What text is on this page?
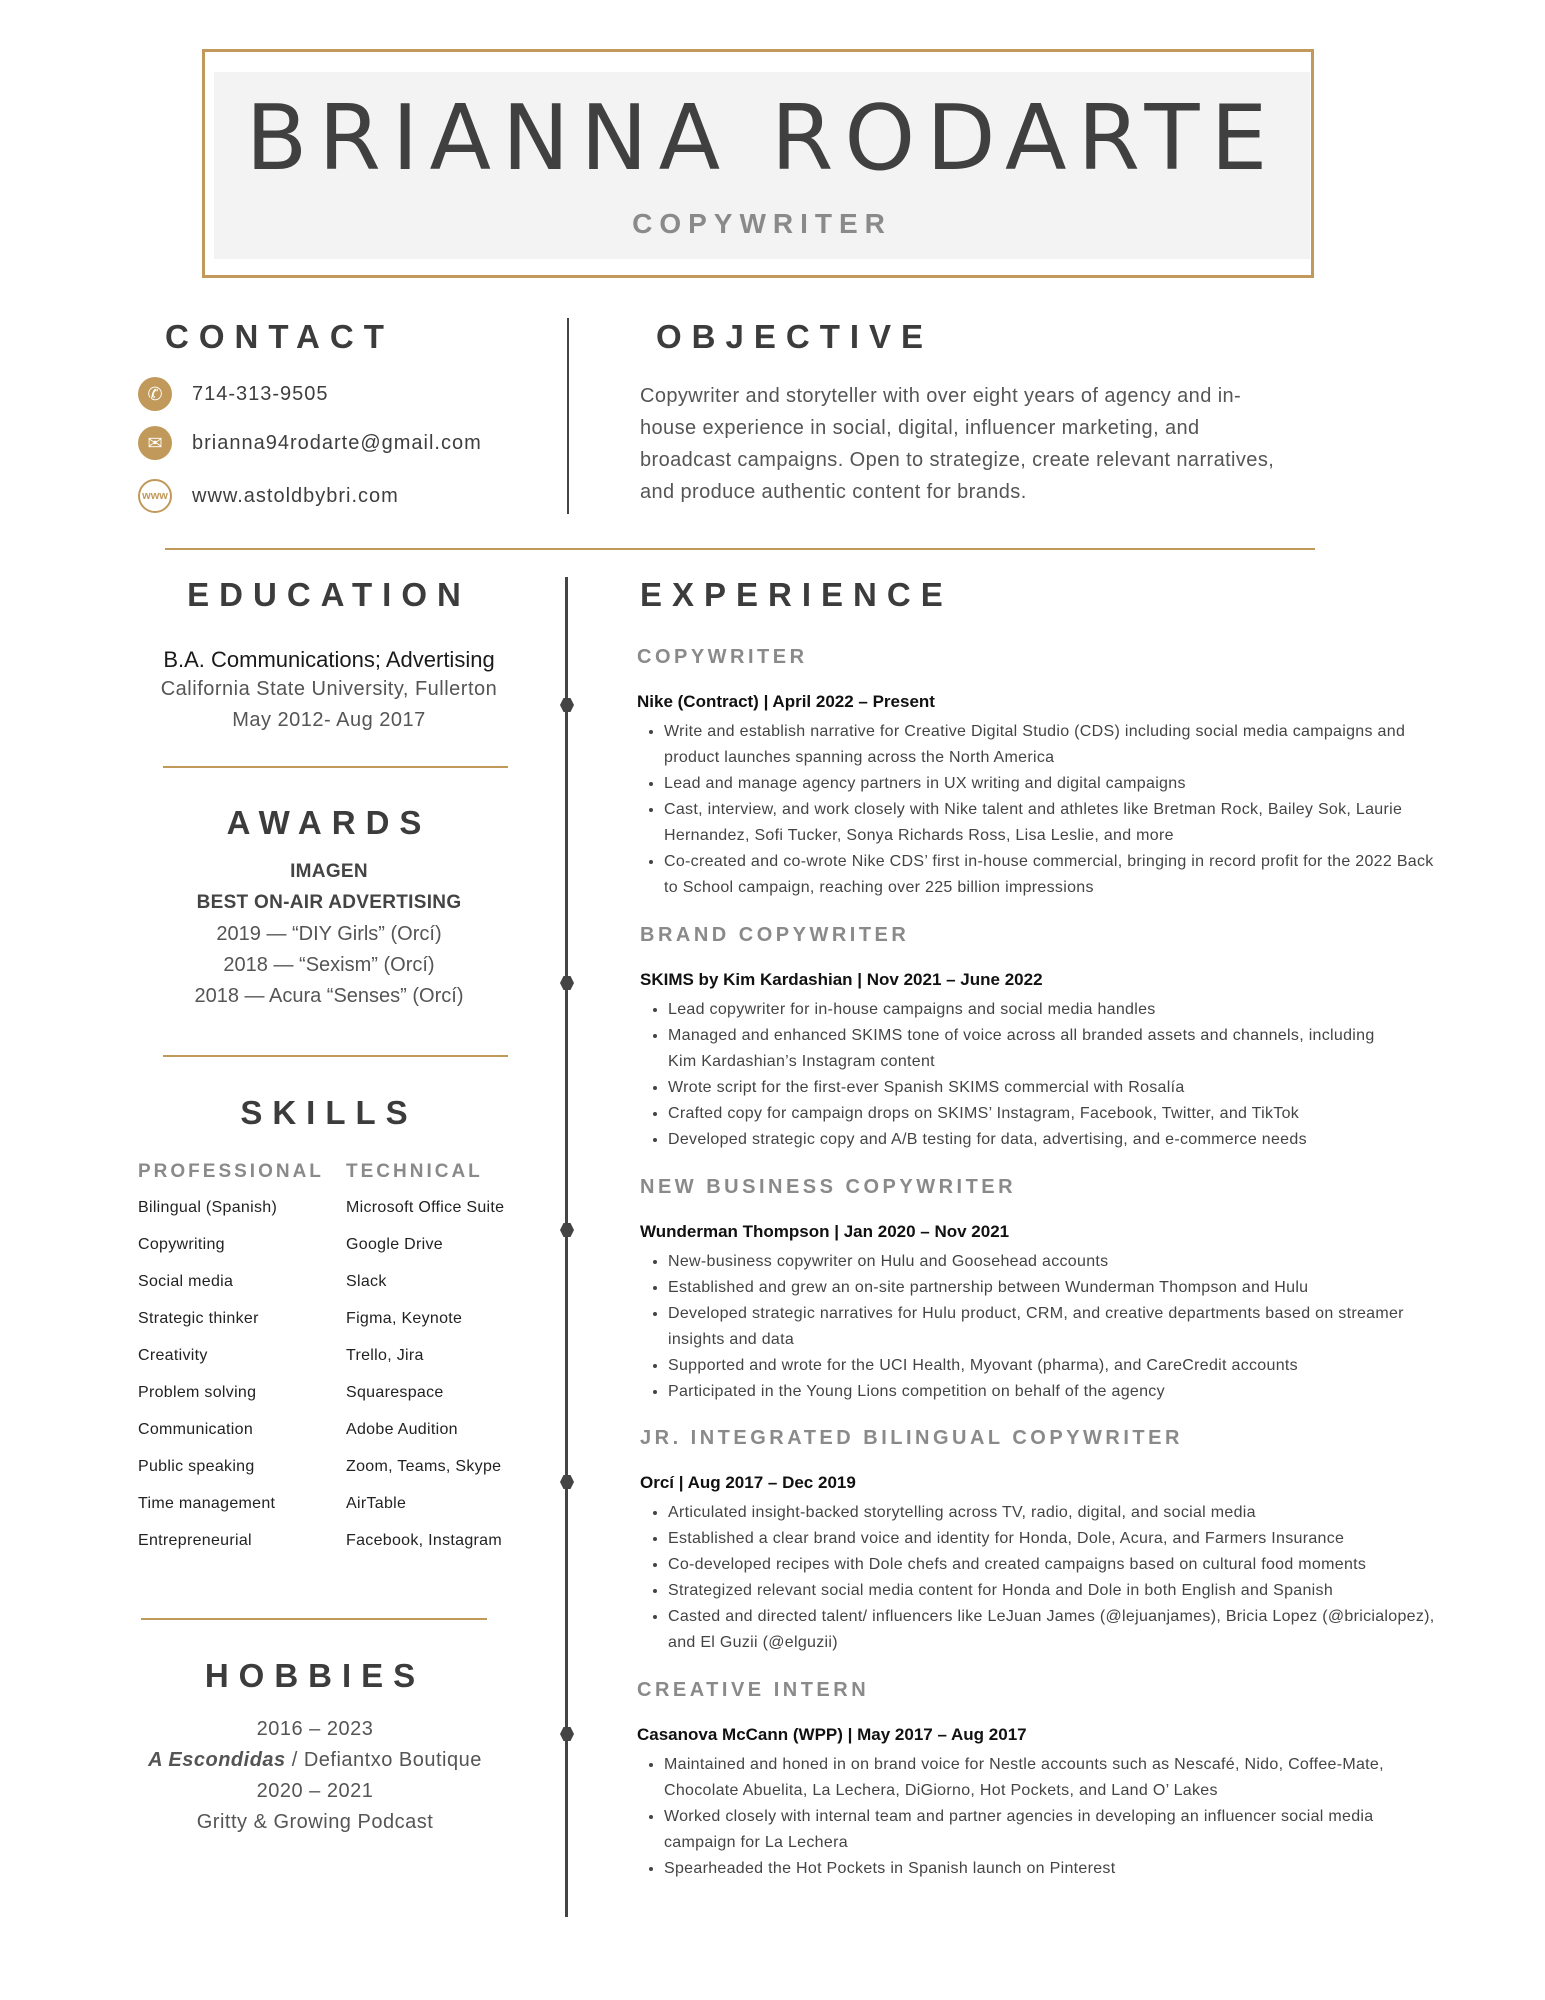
BRIANNA RODARTE
COPYWRITER
CONTACT
✆	714-313-9505
✉	brianna94rodarte@gmail.com
www www.astoldbybri.com
OBJECTIVE
Copywriter and storyteller with over eight years of agency and in-
house experience in social, digital, influencer marketing, and
broadcast campaigns. Open to strategize, create relevant narratives,
and produce authentic content for brands.
EDUCATION
B.A. Communications; Advertising
California State University, Fullerton
May 2012- Aug 2017
AWARDS
IMAGEN
BEST ON-AIR ADVERTISING
2019 — “DIY Girls” (Orcí)
2018 — “Sexism” (Orcí)
2018 — Acura “Senses” (Orcí)
SKILLS
PROFESSIONAL TECHNICAL
Bilingual (Spanish)
Copywriting
Social media
Strategic thinker
Creativity
Problem solving
Communication
Public speaking
Time management
Entrepreneurial
Microsoft Office Suite
Google Drive
Slack
Figma, Keynote
Trello, Jira
Squarespace
Adobe Audition
Zoom, Teams, Skype
AirTable
Facebook, Instagram
HOBBIES
2016 – 2023
A Escondidas / Defiantxo Boutique
2020 – 2021
Gritty & Growing Podcast
EXPERIENCE
COPYWRITER
Nike (Contract) | April 2022 – Present
• Write and establish narrative for Creative Digital Studio (CDS) including social media campaigns and product launches spanning across the North America
• Lead and manage agency partners in UX writing and digital campaigns
• Cast, interview, and work closely with Nike talent and athletes like Bretman Rock, Bailey Sok, Laurie Hernandez, Sofi Tucker, Sonya Richards Ross, Lisa Leslie, and more
• Co-created and co-wrote Nike CDS’ first in-house commercial, bringing in record profit for the 2022 Back to School campaign, reaching over 225 billion impressions
BRAND COPYWRITER
SKIMS by Kim Kardashian | Nov 2021 – June 2022
• Lead copywriter for in-house campaigns and social media handles
• Managed and enhanced SKIMS tone of voice across all branded assets and channels, including Kim Kardashian’s Instagram content
• Wrote script for the first-ever Spanish SKIMS commercial with Rosalía
• Crafted copy for campaign drops on SKIMS’ Instagram, Facebook, Twitter, and TikTok
• Developed strategic copy and A/B testing for data, advertising, and e-commerce needs
NEW BUSINESS COPYWRITER
Wunderman Thompson | Jan 2020 – Nov 2021
• New-business copywriter on Hulu and Goosehead accounts
• Established and grew an on-site partnership between Wunderman Thompson and Hulu
• Developed strategic narratives for Hulu product, CRM, and creative departments based on streamer insights and data
• Supported and wrote for the UCI Health, Myovant (pharma), and CareCredit accounts
• Participated in the Young Lions competition on behalf of the agency
JR. INTEGRATED BILINGUAL COPYWRITER
Orcí | Aug 2017 – Dec 2019
• Articulated insight-backed storytelling across TV, radio, digital, and social media
• Established a clear brand voice and identity for Honda, Dole, Acura, and Farmers Insurance
• Co-developed recipes with Dole chefs and created campaigns based on cultural food moments
• Strategized relevant social media content for Honda and Dole in both English and Spanish
• Casted and directed talent/ influencers like LeJuan James (@lejuanjames), Bricia Lopez (@bricialopez), and El Guzii (@elguzii)
CREATIVE INTERN
Casanova McCann (WPP) | May 2017 – Aug 2017
• Maintained and honed in on brand voice for Nestle accounts such as Nescafé, Nido, Coffee-Mate, Chocolate Abuelita, La Lechera, DiGiorno, Hot Pockets, and Land O’ Lakes
• Worked closely with internal team and partner agencies in developing an influencer social media campaign for La Lechera
• Spearheaded the Hot Pockets in Spanish launch on Pinterest
